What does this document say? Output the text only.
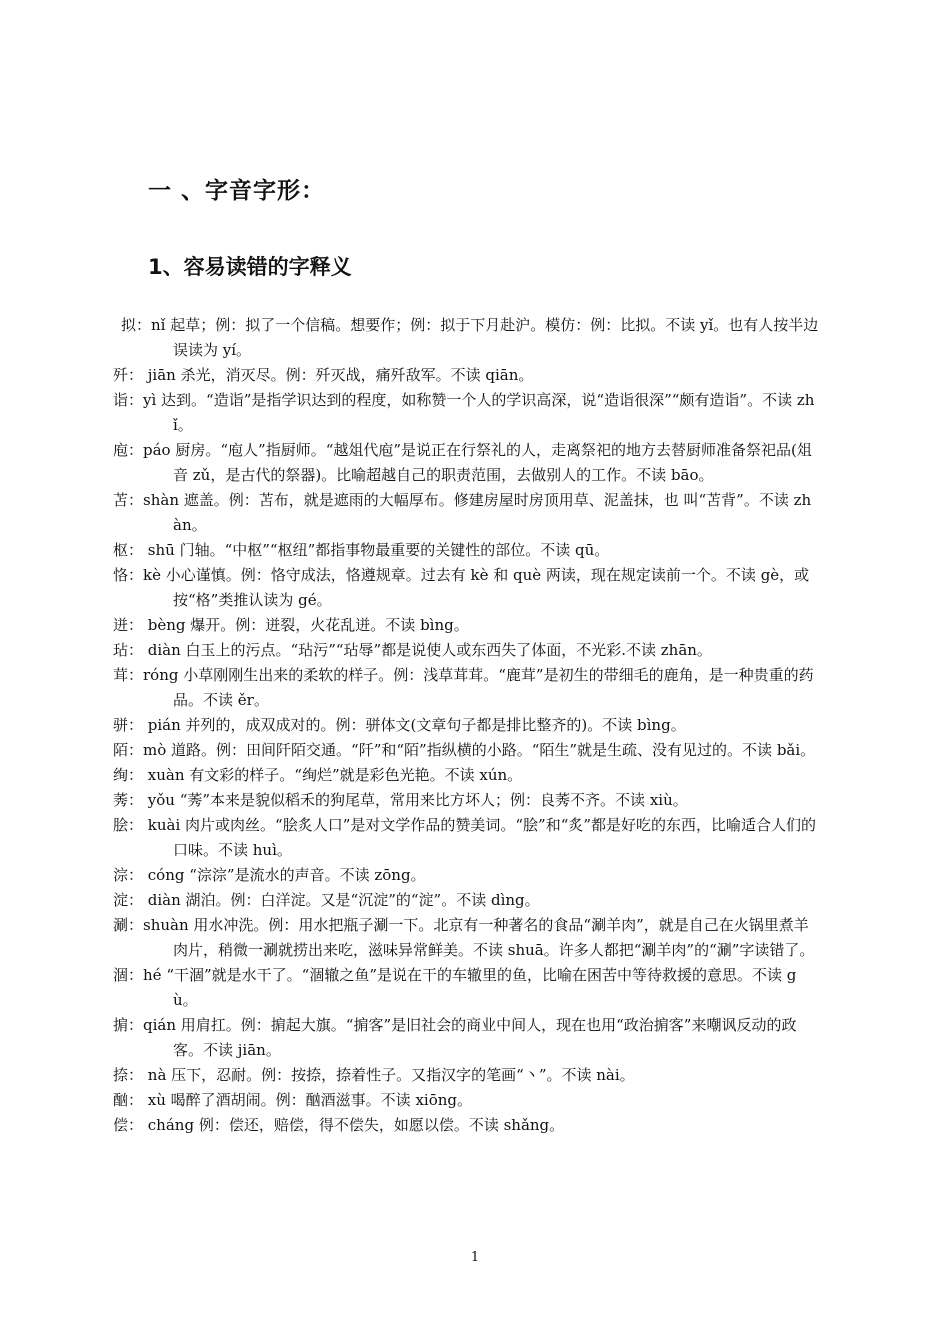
一 、字音字形：
1、容易读错的字释义
拟：nǐ 起草；例：拟了一个信稿。想要作；例：拟于下月赴沪。模仿：例：比拟。不读 yǐ。也有人按半边误读为 yí。
歼： jiān 杀光，消灭尽。例：歼灭战，痛歼敌军。不读 qiān。
诣：yì 达到。“造诣”是指学识达到的程度，如称赞一个人的学识高深，说“造诣很深”“颇有造诣”。不读 zhǐ。
庖：páo 厨房。“庖人”指厨师。“越俎代庖”是说正在行祭礼的人，走离祭祀的地方去替厨师准备祭祀品(俎音 zǔ，是古代的祭器)。比喻超越自己的职责范围，去做别人的工作。不读 bāo。
苫：shàn 遮盖。例：苫布，就是遮雨的大幅厚布。修建房屋时房顶用草、泥盖抹，也 叫“苫背”。不读 zhàn。
枢： shū 门轴。“中枢”“枢纽”都指事物最重要的关键性的部位。不读 qū。
恪：kè 小心谨慎。例：恪守成法，恪遵规章。过去有 kè 和 què 两读，现在规定读前一个。不读 gè，或按“格”类推认读为 gé。
迸： bèng 爆开。例：迸裂，火花乱迸。不读 bìng。
玷： diàn 白玉上的污点。“玷污”“玷辱”都是说使人或东西失了体面，不光彩.不读 zhān。
茸：róng 小草刚刚生出来的柔软的样子。例：浅草茸茸。“鹿茸”是初生的带细毛的鹿角，是一种贵重的药品。不读 ěr。
骈： pián 并列的，成双成对的。例：骈体文(文章句子都是排比整齐的)。不读 bìng。
陌：mò 道路。例：田间阡陌交通。“阡”和“陌”指纵横的小路。“陌生”就是生疏、没有见过的。不读 bǎi。
绚： xuàn 有文彩的样子。“绚烂”就是彩色光艳。不读 xún。
莠： yǒu “莠”本来是貌似稻禾的狗尾草，常用来比方坏人；例：良莠不齐。不读 xiù。
脍： kuài 肉片或肉丝。“脍炙人口”是对文学作品的赞美词。“脍”和“炙”都是好吃的东西，比喻适合人们的口味。不读 huì。
淙： cóng “淙淙”是流水的声音。不读 zōng。
淀： diàn 湖泊。例：白洋淀。又是“沉淀”的“淀”。不读 dìng。
涮：shuàn 用水冲洗。例：用水把瓶子涮一下。北京有一种著名的食品“涮羊肉”，就是自己在火锅里煮羊肉片，稍微一涮就捞出来吃，滋味异常鲜美。不读 shuā。许多人都把“涮羊肉”的“涮”字读错了。
涸：hé “干涸”就是水干了。“涸辙之鱼”是说在干的车辙里的鱼，比喻在困苦中等待救援的意思。不读 gù。
掮：qián 用肩扛。例：掮起大旗。“掮客”是旧社会的商业中间人，现在也用“政治掮客”来嘲讽反动的政客。不读 jiān。
捺： nà 压下，忍耐。例：按捺，捺着性子。又指汉字的笔画“丶”。不读 nài。
酗： xù 喝醉了酒胡闹。例：酗酒滋事。不读 xiōng。
偿： cháng 例：偿还，赔偿，得不偿失，如愿以偿。不读 shǎng。
1
